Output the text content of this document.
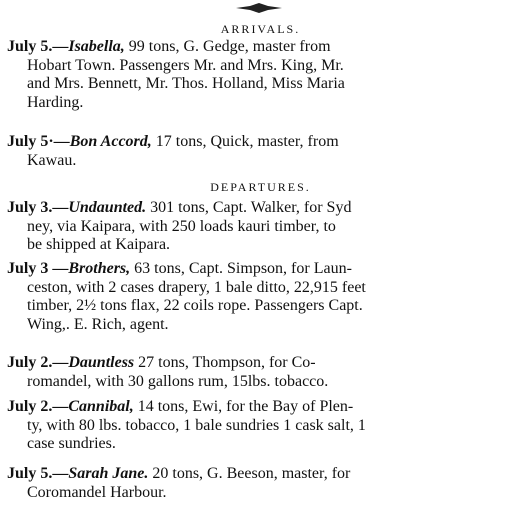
ARRIVALS.
July 5.—Isabella, 99 tons, G. Gedge, master from
Hobart Town. Passengers Mr. and Mrs. King, Mr.
and Mrs. Bennett, Mr. Thos. Holland, Miss Maria
Harding.
July 5·—Bon Accord, 17 tons, Quick, master, from
Kawau.
DEPARTURES.
July 3.—Undaunted. 301 tons, Capt. Walker, for Syd
ney, via Kaipara, with 250 loads kauri timber, to
be shipped at Kaipara.
July 3 —Brothers, 63 tons, Capt. Simpson, for Laun-
ceston, with 2 cases drapery, 1 bale ditto, 22,915 feet
timber, 2½ tons flax, 22 coils rope. Passengers Capt.
Wing,. E. Rich, agent.
July 2.—Dauntless 27 tons, Thompson, for Co-
romandel, with 30 gallons rum, 15lbs. tobacco.
July 2.—Cannibal, 14 tons, Ewi, for the Bay of Plen-
ty, with 80 lbs. tobacco, 1 bale sundries 1 cask salt, 1
case sundries.
July 5.—Sarah Jane. 20 tons, G. Beeson, master, for
Coromandel Harbour.
